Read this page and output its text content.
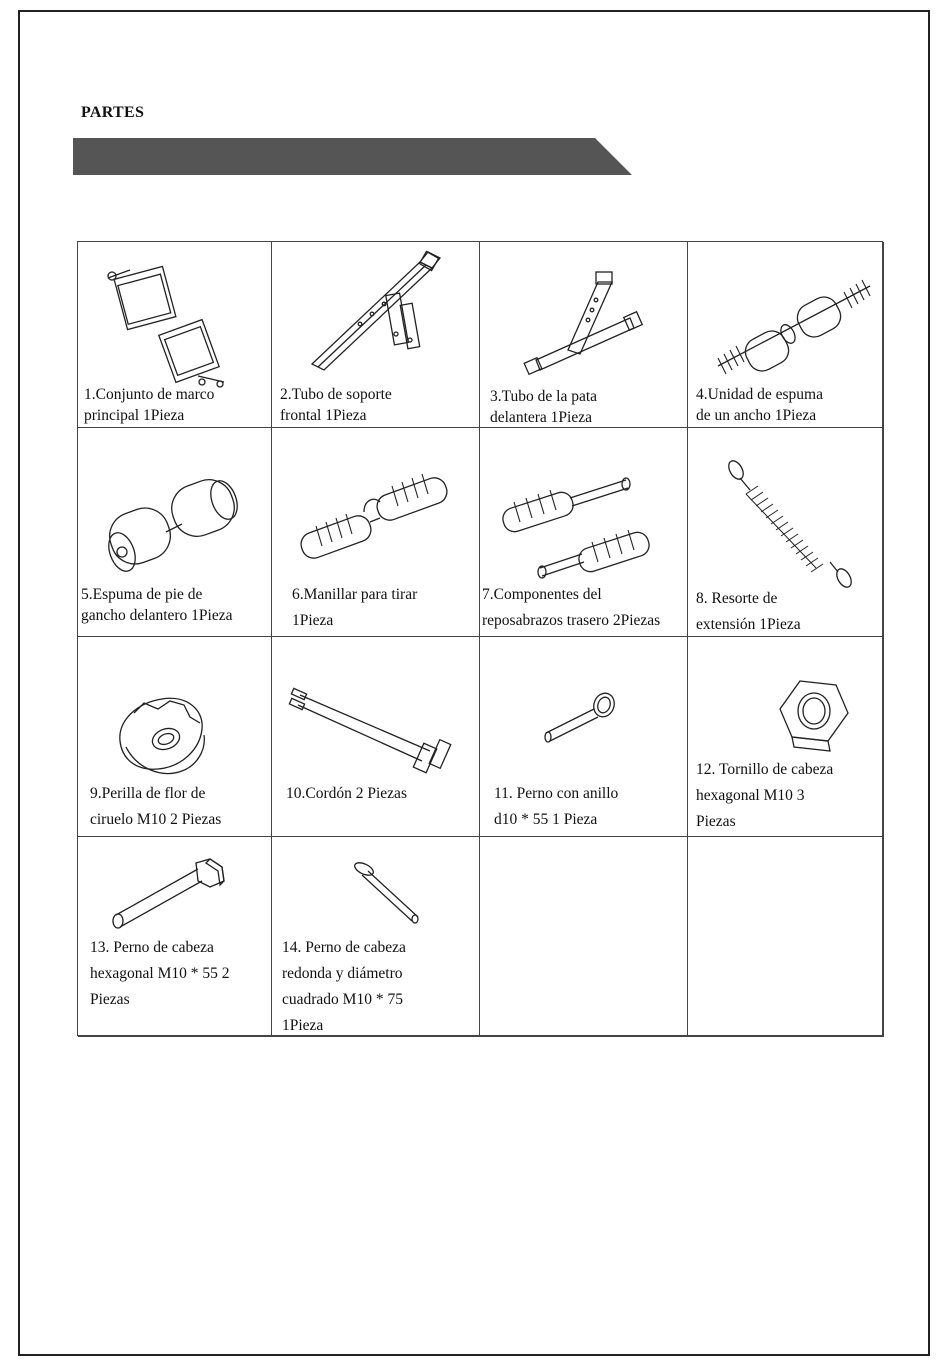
PARTES
1.Conjunto de marco
principal 1Pieza
2.Tubo de soporte
frontal 1Pieza
3.Tubo de la pata
delantera 1Pieza
4.Unidad de espuma
de un ancho 1Pieza
5.Espuma de pie de
gancho delantero 1Pieza
6.Manillar para tirar
1Pieza
7.Componentes del
reposabrazos trasero 2Piezas
8. Resorte de
extensión 1Pieza
9.Perilla de flor de
ciruelo M10 2 Piezas
10.Cordón 2 Piezas	11. Perno con anillo
d10 * 55 1 Pieza
12. Tornillo de cabeza
hexagonal M10 3
Piezas
13. Perno de cabeza
hexagonal M10 * 55 2
Piezas
14. Perno de cabeza
redonda y diámetro
cuadrado M10 * 75
1Pieza
